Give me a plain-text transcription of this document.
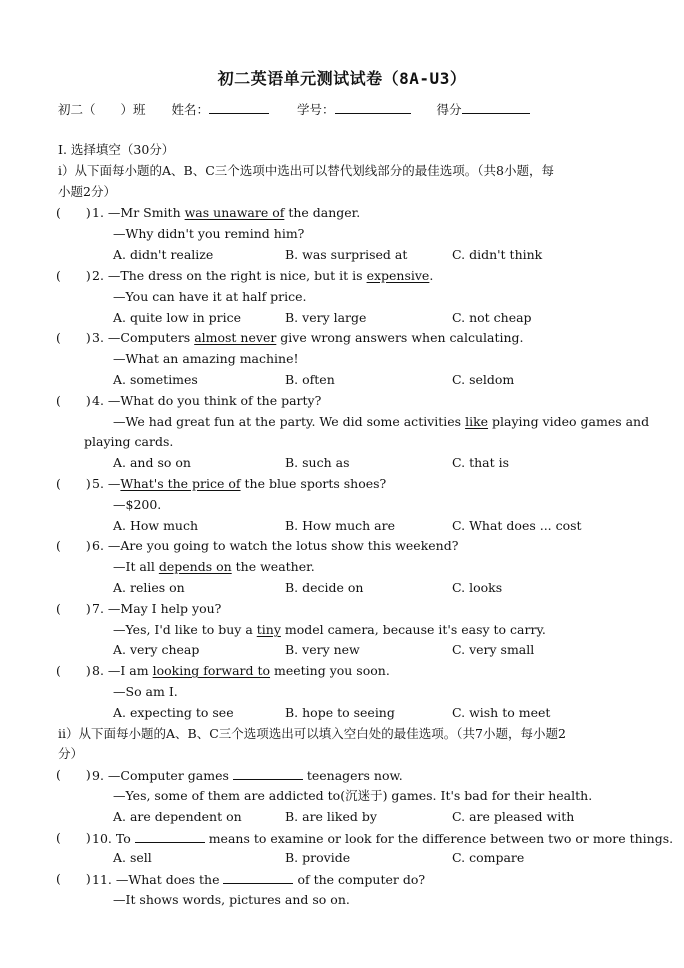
初二英语单元测试试卷（8A-U3）
初二（　　）班 姓名：	学号：	得分
Ⅰ. 选择填空（30分）
ⅰ）从下面每小题的A、B、C三个选项中选出可以替代划线部分的最佳选项。（共8小题，每
小题2分）
(　　) 1. —Mr Smith was unaware of the danger.
—Why didn't you remind him?
A. didn't realize	B. was surprised at	C. didn't think
(　　) 2. —The dress on the right is nice, but it is expensive.
—You can have it at half price.
A. quite low in price	B. very large	C. not cheap
(　　) 3. —Computers almost never give wrong answers when calculating.
—What an amazing machine!
A. sometimes	B. often	C. seldom
(　　) 4. —What do you think of the party?
—We had great fun at the party. We did some activities like playing video games and
playing cards.
A. and so on	B. such as	C. that is
(　　) 5. —What's the price of the blue sports shoes?
—$200.
A. How much	B. How much are	C. What does ... cost
(　　) 6. —Are you going to watch the lotus show this weekend?
—It all depends on the weather.
A. relies on	B. decide on	C. looks
(　　) 7. —May I help you?
—Yes, I'd like to buy a tiny model camera, because it's easy to carry.
A. very cheap	B. very new	C. very small
(　　) 8. —I am looking forward to meeting you soon.
—So am I.
A. expecting to see	B. hope to seeing	C. wish to meet
ⅱ）从下面每小题的A、B、C三个选项选出可以填入空白处的最佳选项。（共7小题，每小题2
分）
(　　) 9. —Computer games	teenagers now.
—Yes, some of them are addicted to(沉迷于) games. It's bad for their health.
A. are dependent on	B. are liked by	C. are pleased with
(　　) 10. To	means to examine or look for the difference between two or more things.
A. sell	B. provide	C. compare
(　　) 11. —What does the	of the computer do?
—It shows words, pictures and so on.
